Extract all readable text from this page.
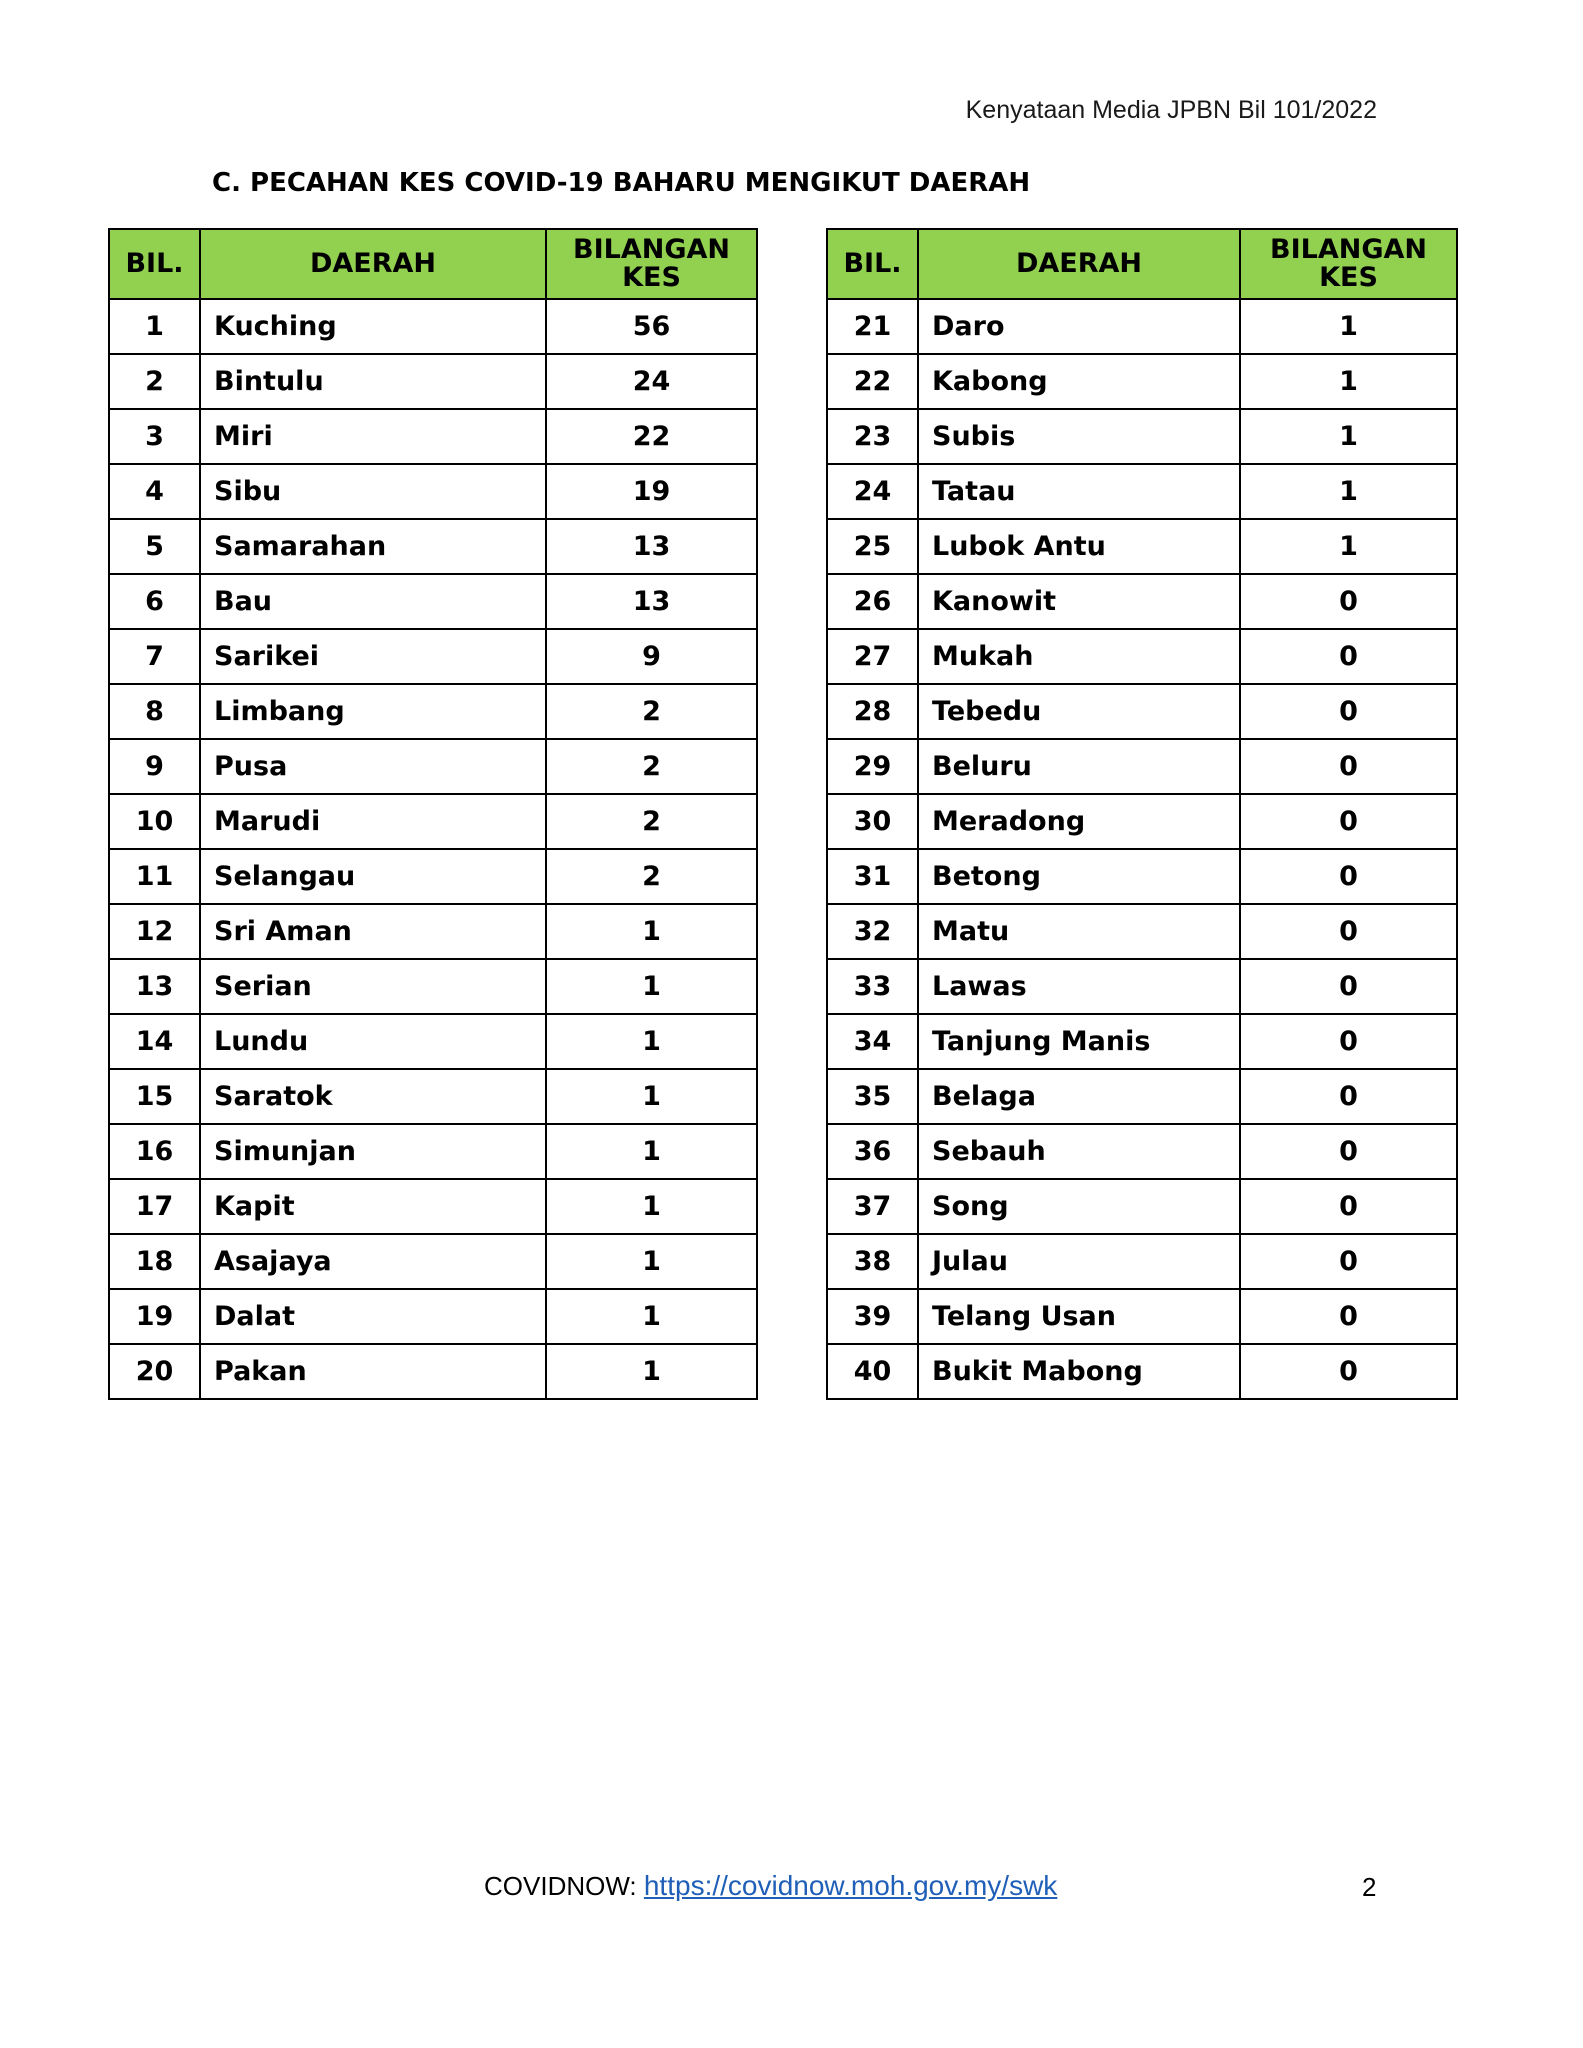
Kenyataan Media JPBN Bil 101/2022
C. PECAHAN KES COVID-19 BAHARU MENGIKUT DAERAH
BIL.	DAERAH	BILANGAN
KES
1	Kuching	56
2	Bintulu	24
3	Miri	22
4	Sibu	19
5	Samarahan	13
6	Bau	13
7	Sarikei	9
8	Limbang	2
9	Pusa	2
10	Marudi	2
11	Selangau	2
12	Sri Aman	1
13	Serian	1
14	Lundu	1
15	Saratok	1
16	Simunjan	1
17	Kapit	1
18	Asajaya	1
19	Dalat	1
20	Pakan	1
BIL.	DAERAH	BILANGAN
KES
21	Daro	1
22	Kabong	1
23	Subis	1
24	Tatau	1
25	Lubok Antu	1
26	Kanowit	0
27	Mukah	0
28	Tebedu	0
29	Beluru	0
30	Meradong	0
31	Betong	0
32	Matu	0
33	Lawas	0
34	Tanjung Manis	0
35	Belaga	0
36	Sebauh	0
37	Song	0
38	Julau	0
39	Telang Usan	0
40	Bukit Mabong	0
COVIDNOW: https://covidnow.moh.gov.my/swk	2
